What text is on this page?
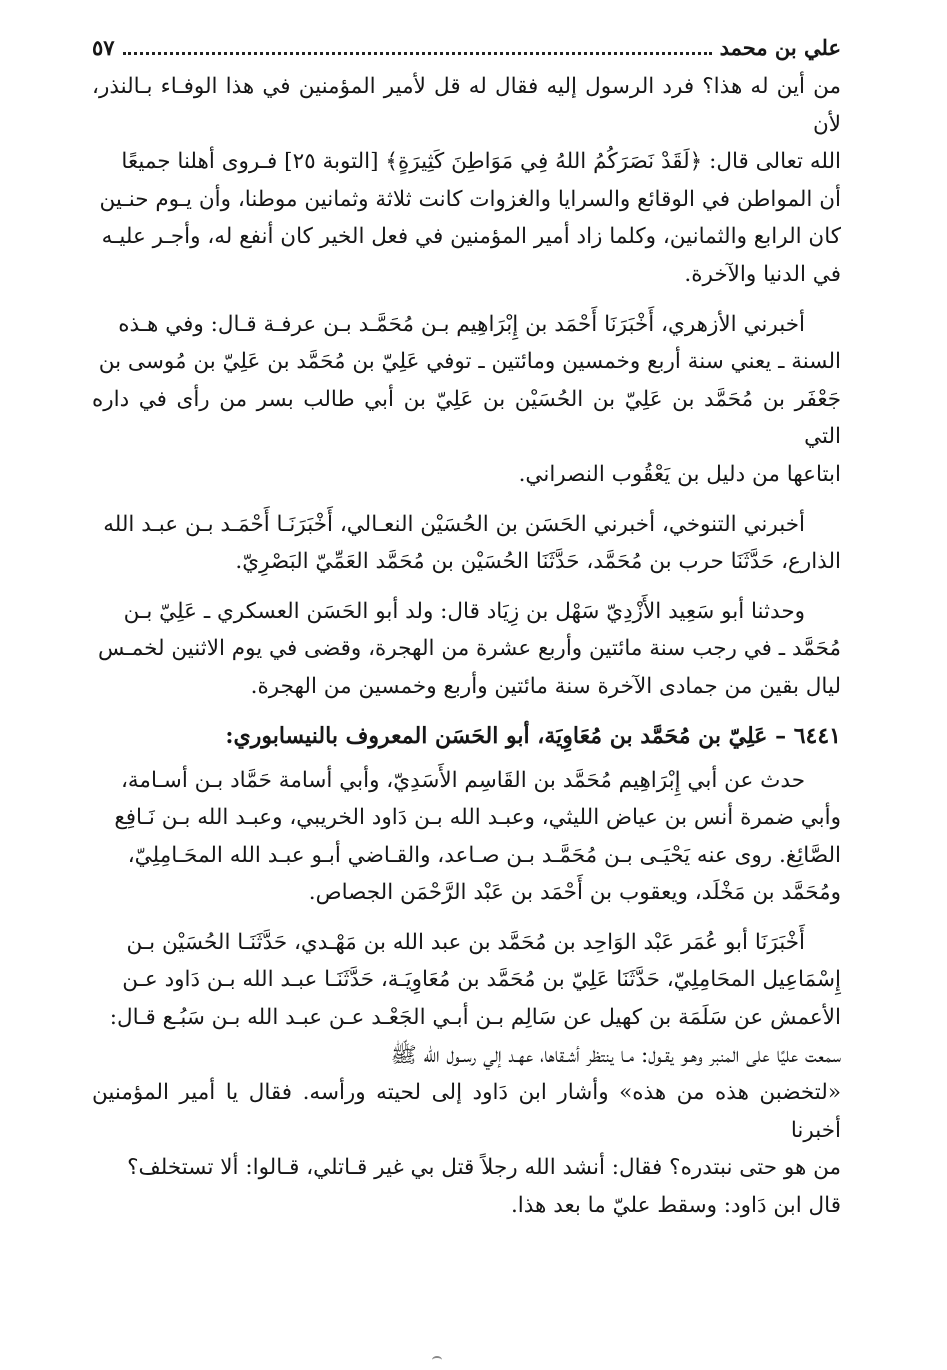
علي بن محمد
٥٧
من أين له هذا؟ فرد الرسول إليه فقال له قل لأمير المؤمنين في هذا الوفـاء بـالنذر، لأن
الله تعالى قال: ﴿لَقَدْ نَصَرَكُمُ اللهُ فِي مَوَاطِنَ كَثِيرَةٍ﴾ [التوبة ٢٥] فـروى أهلنا جميعًا
أن المواطن في الوقائع والسرايا والغزوات كانت ثلاثة وثمانين موطنا، وأن يـوم حنـين
كان الرابع والثمانين، وكلما زاد أمير المؤمنين في فعل الخير كان أنفع له، وأجـر عليـه
في الدنيا والآخرة.
أخبرني الأزهري، أَخْبَرَنَا أَحْمَد بن إِبْرَاهِيم بـن مُحَمَّـد بـن عرفـة قـال: وفي هـذه
السنة ـ يعني سنة أربع وخمسين ومائتين ـ توفي عَلِيّ بن مُحَمَّد بن عَلِيّ بن مُوسى بن
جَعْفَر بن مُحَمَّد بن عَلِيّ بن الحُسَيْن بن عَلِيّ بن أبي طالب بسر من رأى في داره التي
ابتاعها من دليل بن يَعْقُوب النصراني.
أخبرني التنوخي، أخبرني الحَسَن بن الحُسَيْن النعـالي، أَخْبَرَنَـا أَحْمَـد بـن عبـد الله
الذارع، حَدَّثَنَا حرب بن مُحَمَّد، حَدَّثَنَا الحُسَيْن بن مُحَمَّد العَمِّيّ البَصْرِيّ.
وحدثنا أبو سَعِيد الأَزْدِيّ سَهْل بن زِيَاد قال: ولد أبو الحَسَن العسكري ـ عَلِيّ بـن
مُحَمَّد ـ في رجب سنة مائتين وأربع عشرة من الهجرة، وقضى في يوم الاثنين لخمـس
ليال بقين من جمادى الآخرة سنة مائتين وأربع وخمسين من الهجرة.
٦٤٤١ – عَلِيّ بن مُحَمَّد بن مُعَاوِيَة، أبو الحَسَن المعروف بالنيسابوري:
حدث عن أبي إِبْرَاهِيم مُحَمَّد بن القَاسِم الأَسَدِيّ، وأبي أسامة حَمَّاد بـن أسـامة،
وأبي ضمرة أنس بن عياض الليثي، وعبـد الله بـن دَاود الخريبي، وعبـد الله بـن نَـافِع
الصَّائِغ. روى عنه يَحْيَـى بـن مُحَمَّـد بـن صـاعد، والقـاضي أبـو عبـد الله المحَـامِلِيّ،
ومُحَمَّد بن مَخْلَد، ويعقوب بن أَحْمَد بن عَبْد الرَّحْمَن الجصاص.
أَخْبَرَنَا أبو عُمَر عَبْد الوَاحِد بن مُحَمَّد بن عبد الله بن مَهْـدي، حَدَّثَنَـا الحُسَيْن بـن
إِسْمَاعِيل المحَامِلِيّ، حَدَّثَنَا عَلِيّ بن مُحَمَّد بن مُعَاوِيَـة، حَدَّثَنَـا عبـد الله بـن دَاود عـن
الأعمش عن سَلَمَة بن كهيل عن سَالِم بـن أبـي الجَعْـد عـن عبـد الله بـن سَبُـع قـال:
سمعت عليًا على المنبر وهـو يقـول: مـا ينتظر أشـقاها، عهـد إلي رسـول الله ﷺ
«لتخضبن هذه من هذه» وأشار ابن دَاود إلى لحيته ورأسه. فقال يا أمير المؤمنين أخبرنا
من هو حتى نبتدره؟ فقال: أنشد الله رجلاً قتل بي غير قـاتلي، قـالوا: ألا تستخلف؟
قال ابن دَاود: وسقط عليّ ما بعد هذا.
